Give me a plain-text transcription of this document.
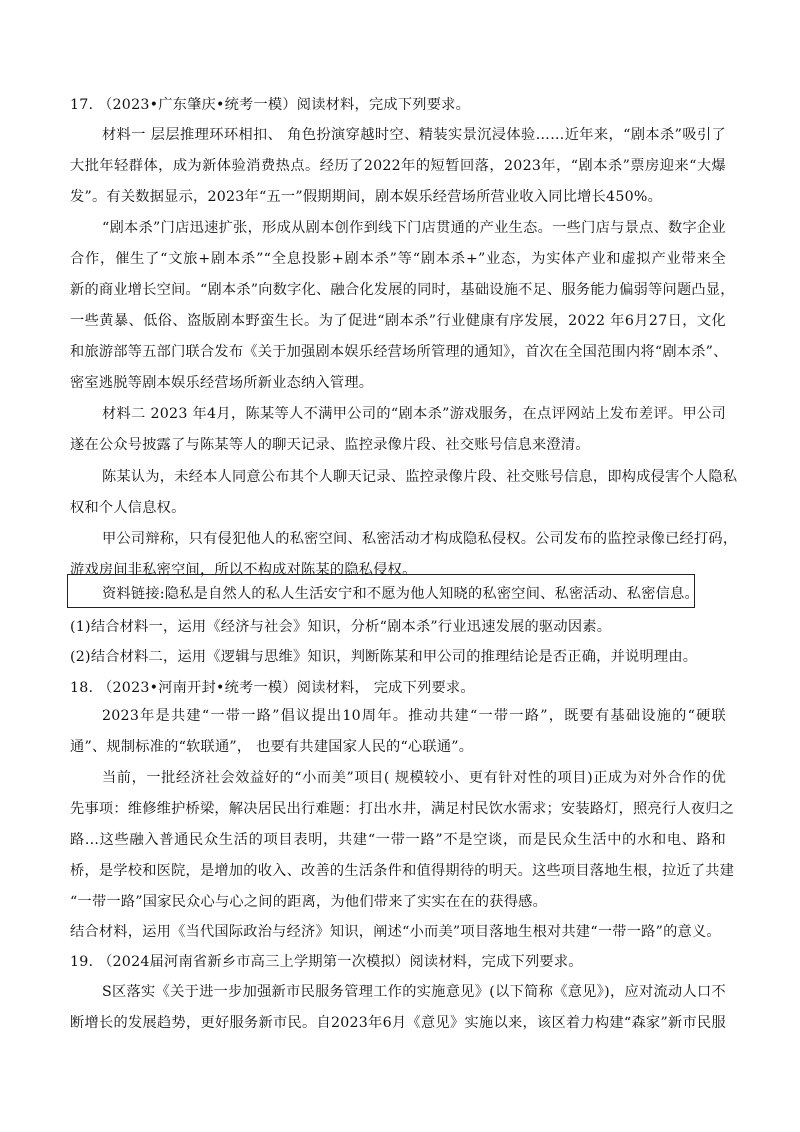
17. （2023•广东肇庆•统考一模）阅读材料，完成下列要求。
材料一 层层推理环环相扣、 角色扮演穿越时空、精装实景沉浸体验……近年来，“剧本杀”吸引了
大批年轻群体，成为新体验消费热点。经历了2022年的短暂回落，2023年，“剧本杀”票房迎来“大爆
发”。有关数据显示，2023年“五一”假期期间，剧本娱乐经营场所营业收入同比增长450%。
“剧本杀”门店迅速扩张，形成从剧本创作到线下门店贯通的产业生态。一些门店与景点、数字企业
合作，催生了“文旅+剧本杀”“全息投影+剧本杀”等“剧本杀+”业态，为实体产业和虚拟产业带来全
新的商业增长空间。“剧本杀”向数字化、融合化发展的同时，基础设施不足、服务能力偏弱等问题凸显，
一些黄暴、低俗、盗版剧本野蛮生长。为了促进“剧本杀”行业健康有序发展，2022 年6月27日，文化
和旅游部等五部门联合发布《关于加强剧本娱乐经营场所管理的通知》，首次在全国范围内将“剧本杀”、
密室逃脱等剧本娱乐经营场所新业态纳入管理。
材料二 2023 年4月，陈某等人不满甲公司的“剧本杀”游戏服务，在点评网站上发布差评。甲公司
遂在公众号披露了与陈某等人的聊天记录、监控录像片段、社交账号信息来澄清。
陈某认为，未经本人同意公布其个人聊天记录、监控录像片段、社交账号信息，即构成侵害个人隐私
权和个人信息权。
甲公司辩称，只有侵犯他人的私密空间、私密活动才构成隐私侵权。公司发布的监控录像已经打码，
游戏房间非私密空间，所以不构成对陈某的隐私侵权。
资料链接:隐私是自然人的私人生活安宁和不愿为他人知晓的私密空间、私密活动、私密信息。
(1)结合材料一，运用《经济与社会》知识，分析“剧本杀”行业迅速发展的驱动因素。
(2)结合材料二，运用《逻辑与思维》知识，判断陈某和甲公司的推理结论是否正确，并说明理由。
18. （2023•河南开封•统考一模）阅读材料， 完成下列要求。
2023年是共建“一带一路”倡议提出10周年。推动共建“一带一路”，既要有基础设施的“硬联
通”、规制标准的“软联通”， 也要有共建国家人民的“心联通”。
当前，一批经济社会效益好的“小而美”项目( 规模较小、更有针对性的项目)正成为对外合作的优
先事项：维修维护桥梁，解决居民出行难题：打出水井，满足村民饮水需求；安装路灯，照亮行人夜归之
路...这些融入普通民众生活的项目表明，共建“一带一路”不是空谈，而是民众生活中的水和电、路和
桥，是学校和医院，是增加的收入、改善的生活条件和值得期待的明天。这些项目落地生根，拉近了共建
“一带一路”国家民众心与心之间的距离，为他们带来了实实在在的获得感。
结合材料，运用《当代国际政治与经济》知识，阐述“小而美”项目落地生根对共建“一带一路”的意义。
19. （2024届河南省新乡市高三上学期第一次模拟）阅读材料，完成下列要求。
S区落实《关于进一步加强新市民服务管理工作的实施意见》(以下简称《意见》)，应对流动人口不
断增长的发展趋势，更好服务新市民。自2023年6月《意见》实施以来，该区着力构建“森家”新市民服
